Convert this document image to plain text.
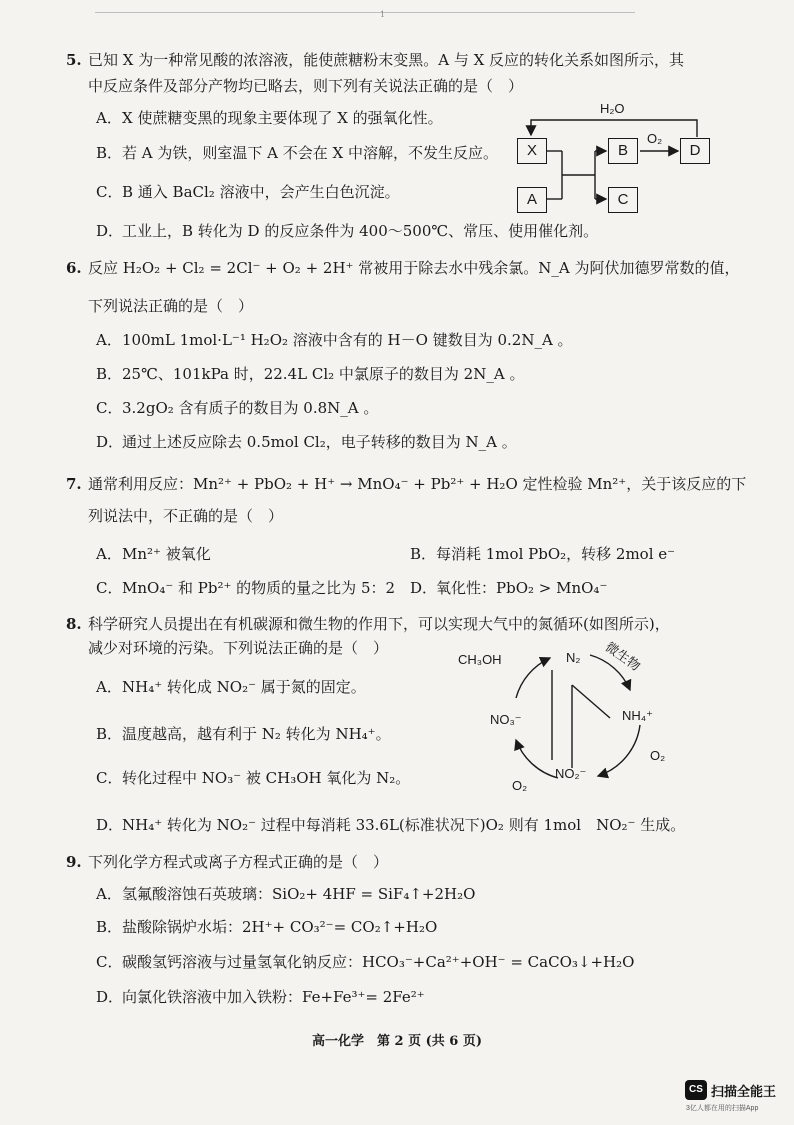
1
5. 已知 X 为一种常见酸的浓溶液，能使蔗糖粉末变黑。A 与 X 反应的转化关系如图所示，其
中反应条件及部分产物均已略去，则下列有关说法正确的是（　）
A．X 使蔗糖变黑的现象主要体现了 X 的强氧化性。
B．若 A 为铁，则室温下 A 不会在 X 中溶解，不发生反应。
C．B 通入 BaCl₂ 溶液中，会产生白色沉淀。
D．工业上，B 转化为 D 的反应条件为 400～500℃、常压、使用催化剂。
H₂O
X
A
B
C
D
O₂
6. 反应 H₂O₂ + Cl₂ = 2Cl⁻ + O₂ + 2H⁺ 常被用于除去水中残余氯。N_A 为阿伏加德罗常数的值，
下列说法正确的是（　）
A．100mL 1mol·L⁻¹ H₂O₂ 溶液中含有的 H－O 键数目为 0.2N_A 。
B．25℃、101kPa 时，22.4L Cl₂ 中氯原子的数目为 2N_A 。
C．3.2gO₂ 含有质子的数目为 0.8N_A 。
D．通过上述反应除去 0.5mol Cl₂，电子转移的数目为 N_A 。
7. 通常利用反应：Mn²⁺ + PbO₂ + H⁺ → MnO₄⁻ + Pb²⁺ + H₂O 定性检验 Mn²⁺，关于该反应的下
列说法中，不正确的是（　）
A．Mn²⁺ 被氧化	B．每消耗 1mol PbO₂，转移 2mol e⁻
C．MnO₄⁻ 和 Pb²⁺ 的物质的量之比为 5：2 D．氧化性：PbO₂ > MnO₄⁻
8. 科学研究人员提出在有机碳源和微生物的作用下，可以实现大气中的氮循环(如图所示)，
减少对环境的污染。下列说法正确的是（　）
A．NH₄⁺ 转化成 NO₂⁻ 属于氮的固定。
B．温度越高，越有利于 N₂ 转化为 NH₄⁺。
C．转化过程中 NO₃⁻ 被 CH₃OH 氧化为 N₂。
D．NH₄⁺ 转化为 NO₂⁻ 过程中每消耗 33.6L(标准状况下)O₂ 则有 1mol　NO₂⁻ 生成。
CH₃OH	N₂ 微生物
NH₄⁺
O₂
NO₂⁻
O₂
NO₃⁻
9. 下列化学方程式或离子方程式正确的是（　）
A．氢氟酸溶蚀石英玻璃：SiO₂+ 4HF = SiF₄↑+2H₂O
B．盐酸除锅炉水垢：2H⁺+ CO₃²⁻= CO₂↑+H₂O
C．碳酸氢钙溶液与过量氢氧化钠反应：HCO₃⁻+Ca²⁺+OH⁻ = CaCO₃↓+H₂O
D．向氯化铁溶液中加入铁粉：Fe+Fe³⁺= 2Fe²⁺
高一化学　第 2 页 (共 6 页)
CS 扫描全能王
3亿人都在用的扫描App
